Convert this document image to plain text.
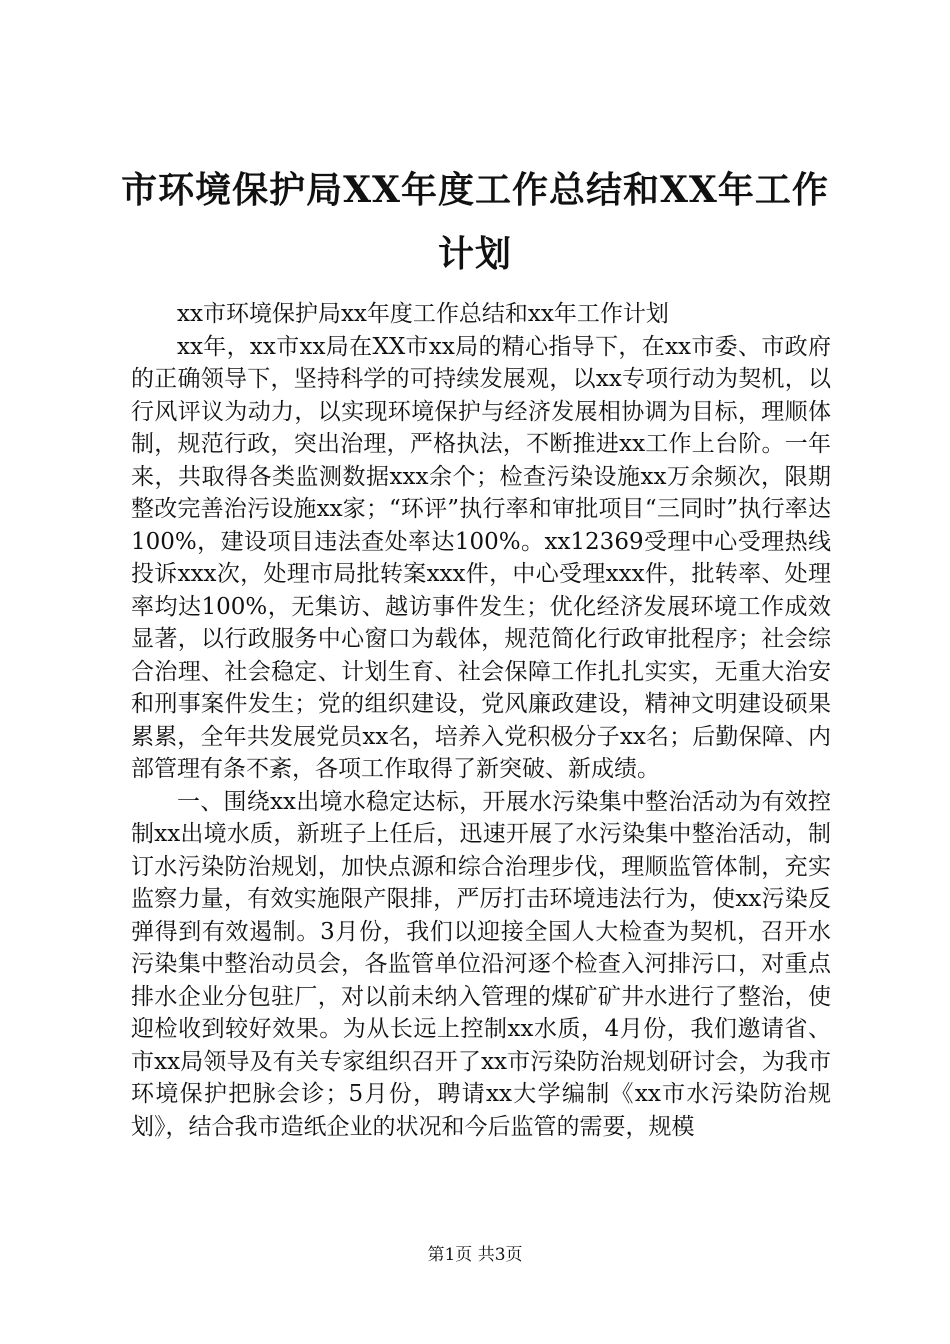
市环境保护局XX年度工作总结和XX年工作计划

xx市环境保护局xx年度工作总结和xx年工作计划

xx年，xx市xx局在XX市xx局的精心指导下，在xx市委、市政府的正确领导下，坚持科学的可持续发展观，以xx专项行动为契机，以行风评议为动力，以实现环境保护与经济发展相协调为目标，理顺体制，规范行政，突出治理，严格执法，不断推进xx工作上台阶。一年来，共取得各类监测数据xxx余个；检查污染设施xx万余频次，限期整改完善治污设施xx家；“环评”执行率和审批项目“三同时”执行率达100%，建设项目违法查处率达100%。xx12369受理中心受理热线投诉xxx次，处理市局批转案xxx件，中心受理xxx件，批转率、处理率均达100%，无集访、越访事件发生；优化经济发展环境工作成效显著，以行政服务中心窗口为载体，规范简化行政审批程序；社会综合治理、社会稳定、计划生育、社会保障工作扎扎实实，无重大治安和刑事案件发生；党的组织建设，党风廉政建设，精神文明建设硕果累累，全年共发展党员xx名，培养入党积极分子xx名；后勤保障、内部管理有条不紊，各项工作取得了新突破、新成绩。

一、围绕xx出境水稳定达标，开展水污染集中整治活动为有效控制xx出境水质，新班子上任后，迅速开展了水污染集中整治活动，制订水污染防治规划，加快点源和综合治理步伐，理顺监管体制，充实监察力量，有效实施限产限排，严厉打击环境违法行为，使xx污染反弹得到有效遏制。3月份，我们以迎接全国人大检查为契机，召开水污染集中整治动员会，各监管单位沿河逐个检查入河排污口，对重点排水企业分包驻厂，对以前未纳入管理的煤矿矿井水进行了整治，使迎检收到较好效果。为从长远上控制xx水质，4月份，我们邀请省、市xx局领导及有关专家组织召开了xx市污染防治规划研讨会，为我市环境保护把脉会诊；5月份，聘请xx大学编制《xx市水污染防治规划》，结合我市造纸企业的状况和今后监管的需要，规模

第1页 共3页
